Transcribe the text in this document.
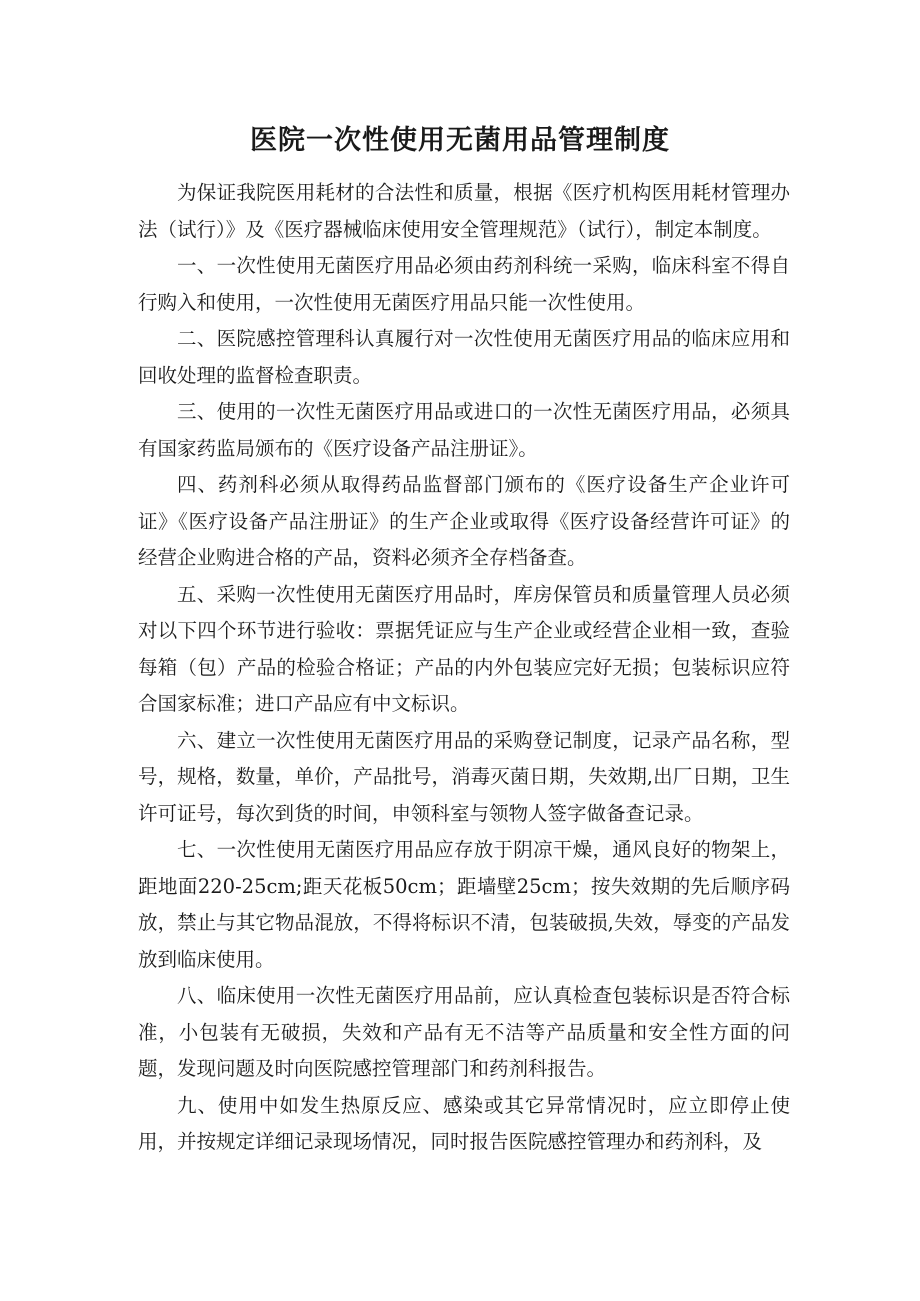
医院一次性使用无菌用品管理制度

为保证我院医用耗材的合法性和质量，根据《医疗机构医用耗材管理办法（试行）》及《医疗器械临床使用安全管理规范》（试行），制定本制度。

一、一次性使用无菌医疗用品必须由药剂科统一采购，临床科室不得自行购入和使用，一次性使用无菌医疗用品只能一次性使用。

二、医院感控管理科认真履行对一次性使用无菌医疗用品的临床应用和回收处理的监督检查职责。

三、使用的一次性无菌医疗用品或进口的一次性无菌医疗用品，必须具有国家药监局颁布的《医疗设备产品注册证》。

四、药剂科必须从取得药品监督部门颁布的《医疗设备生产企业许可证》《医疗设备产品注册证》的生产企业或取得《医疗设备经营许可证》的经营企业购进合格的产品，资料必须齐全存档备查。

五、采购一次性使用无菌医疗用品时，库房保管员和质量管理人员必须对以下四个环节进行验收：票据凭证应与生产企业或经营企业相一致，查验每箱（包）产品的检验合格证；产品的内外包装应完好无损；包装标识应符合国家标准；进口产品应有中文标识。

六、建立一次性使用无菌医疗用品的采购登记制度，记录产品名称，型号，规格，数量，单价，产品批号，消毒灭菌日期，失效期,出厂日期，卫生许可证号，每次到货的时间，申领科室与领物人签字做备查记录。

七、一次性使用无菌医疗用品应存放于阴凉干燥，通风良好的物架上，距地面220-25cm;距天花板50cm；距墙壁25cm；按失效期的先后顺序码放，禁止与其它物品混放，不得将标识不清，包装破损,失效，辱变的产品发放到临床使用。

八、临床使用一次性无菌医疗用品前，应认真检查包装标识是否符合标准，小包装有无破损，失效和产品有无不洁等产品质量和安全性方面的问题，发现问题及时向医院感控管理部门和药剂科报告。

九、使用中如发生热原反应、感染或其它异常情况时，应立即停止使用，并按规定详细记录现场情况，同时报告医院感控管理办和药剂科，及
